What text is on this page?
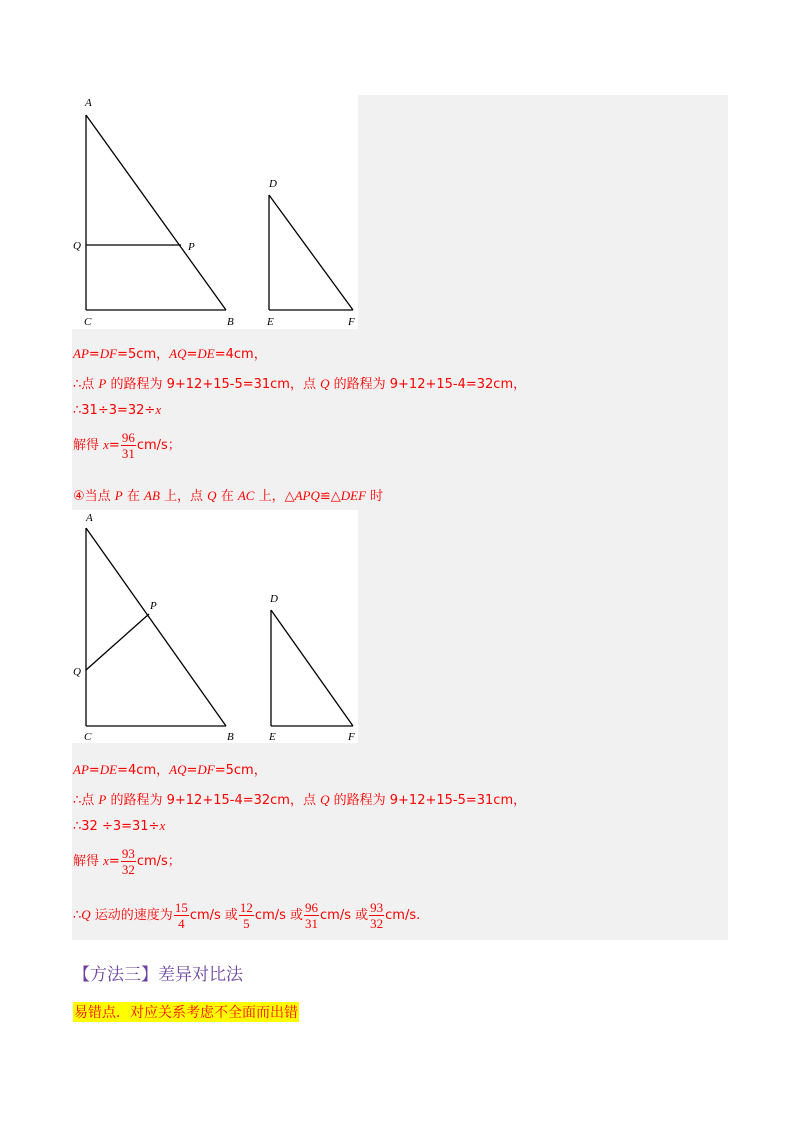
A
Q	P
C	B
D
E	F
AP=DF=5cm，AQ=DE=4cm，
∴点 P 的路程为 9+12+15-5=31cm，点 Q 的路程为 9+12+15-4=32cm，
∴31÷3=32÷x
解得 $x= \frac{96}{31} cm/s$；
④当点 P 在 AB 上，点 Q 在 AC 上，△APQ≌△DEF 时
A
P
Q
D
C	B	E	F
AP=DE=4cm，AQ=DF=5cm，
∴点 P 的路程为 9+12+15-4=32cm，点 Q 的路程为 9+12+15-5=31cm，
∴32 ÷3=31÷x
解得 $x= \frac{93}{32} cm/s$；
∴Q 运动的速度为 $\frac{15}{4} cm/s$ 或 $\frac{12}{5} cm/s$ 或 $\frac{96}{31} cm/s$ 或 $\frac{93}{32} cm/s$.
【方法三】差异对比法
易错点．对应关系考虑不全面而出错
